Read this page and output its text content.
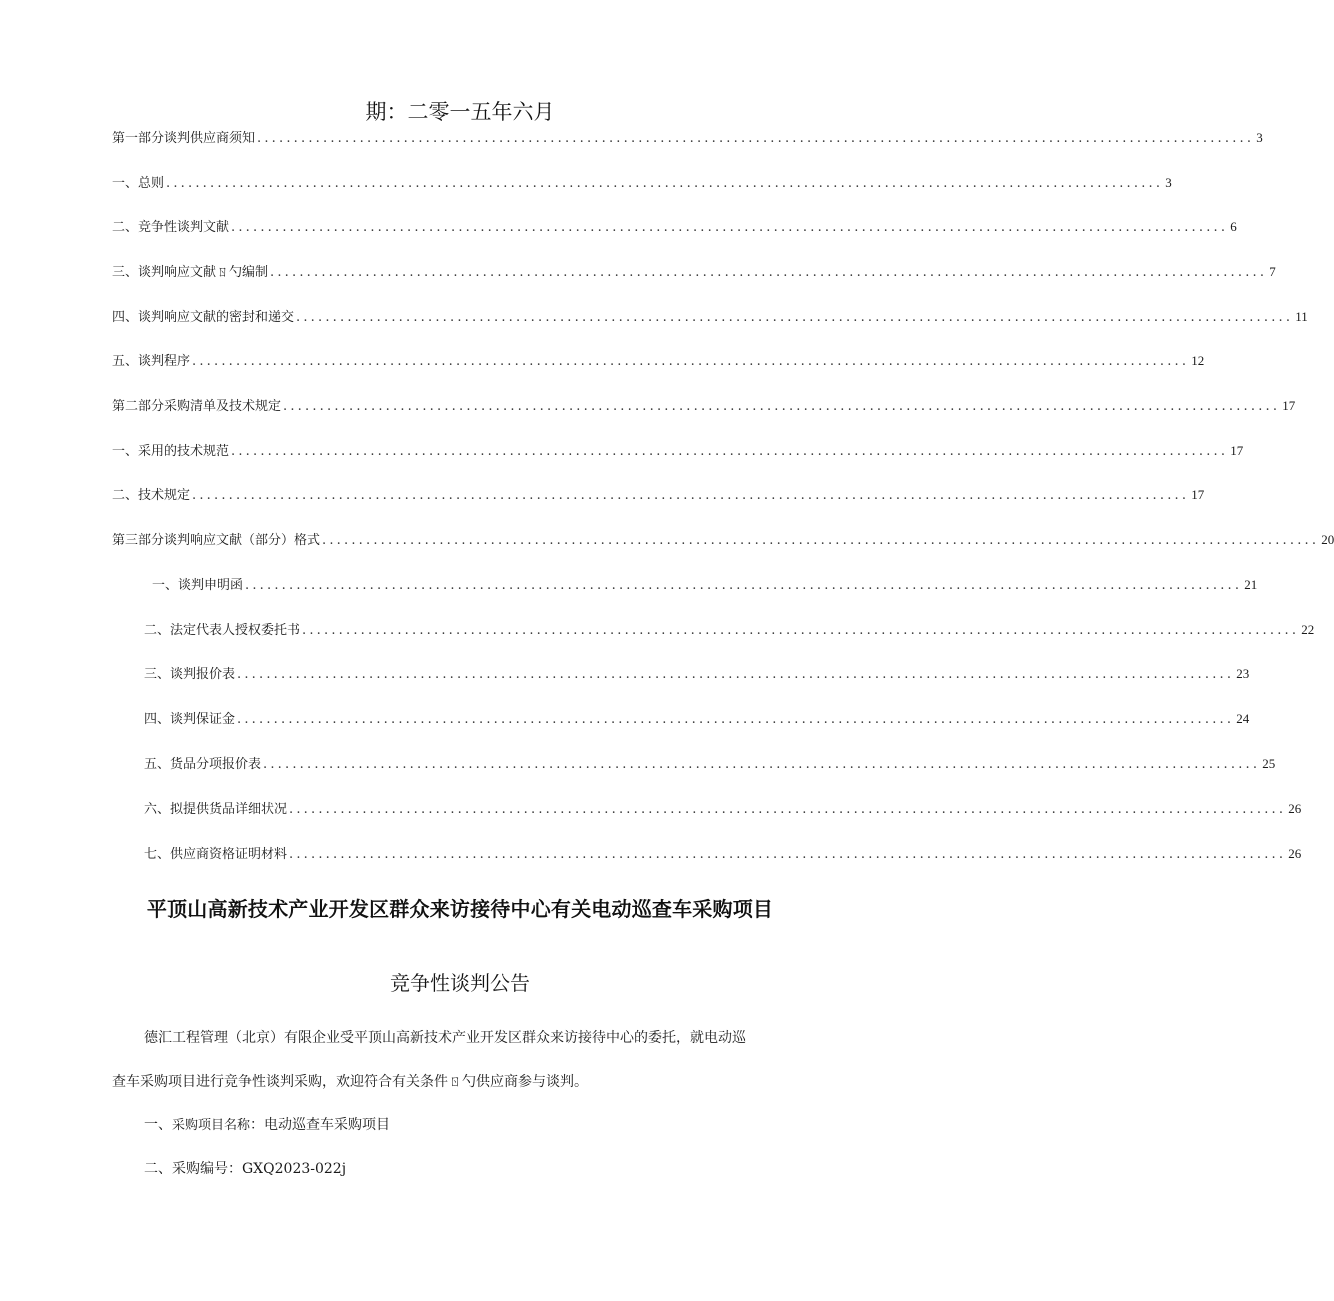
期：二零一五年六月
第一部分谈判供应商须知 ........................................................................................................................................ 3
一、总则 ........................................................................................................................................ 3
二、竞争性谈判文献 ........................................................................................................................................ 6
三、谈判响应文献ㄖ勺编制 ........................................................................................................................................ 7
四、谈判响应文献的密封和递交 ........................................................................................................................................ 11
五、谈判程序 ........................................................................................................................................ 12
第二部分采购清单及技术规定 ........................................................................................................................................ 17
一、采用的技术规范 ........................................................................................................................................ 17
二、技术规定 ........................................................................................................................................ 17
第三部分谈判响应文献（部分）格式 ........................................................................................................................................ 20
一、谈判申明函 ........................................................................................................................................ 21
二、法定代表人授权委托书 ........................................................................................................................................ 22
三、谈判报价表 ........................................................................................................................................ 23
四、谈判保证金 ........................................................................................................................................ 24
五、货品分项报价表 ........................................................................................................................................ 25
六、拟提供货品详细状况 ........................................................................................................................................ 26
七、供应商资格证明材料 ........................................................................................................................................ 26
平顶山高新技术产业开发区群众来访接待中心有关电动巡查车采购项目
竞争性谈判公告
德汇工程管理（北京）有限企业受平顶山高新技术产业开发区群众来访接待中心的委托，就电动巡
查车采购项目进行竞争性谈判采购，欢迎符合有关条件ㄖ勺供应商参与谈判。
一、采购项目名称：电动巡查车采购项目
二、采购编号：GXQ2023-022j
